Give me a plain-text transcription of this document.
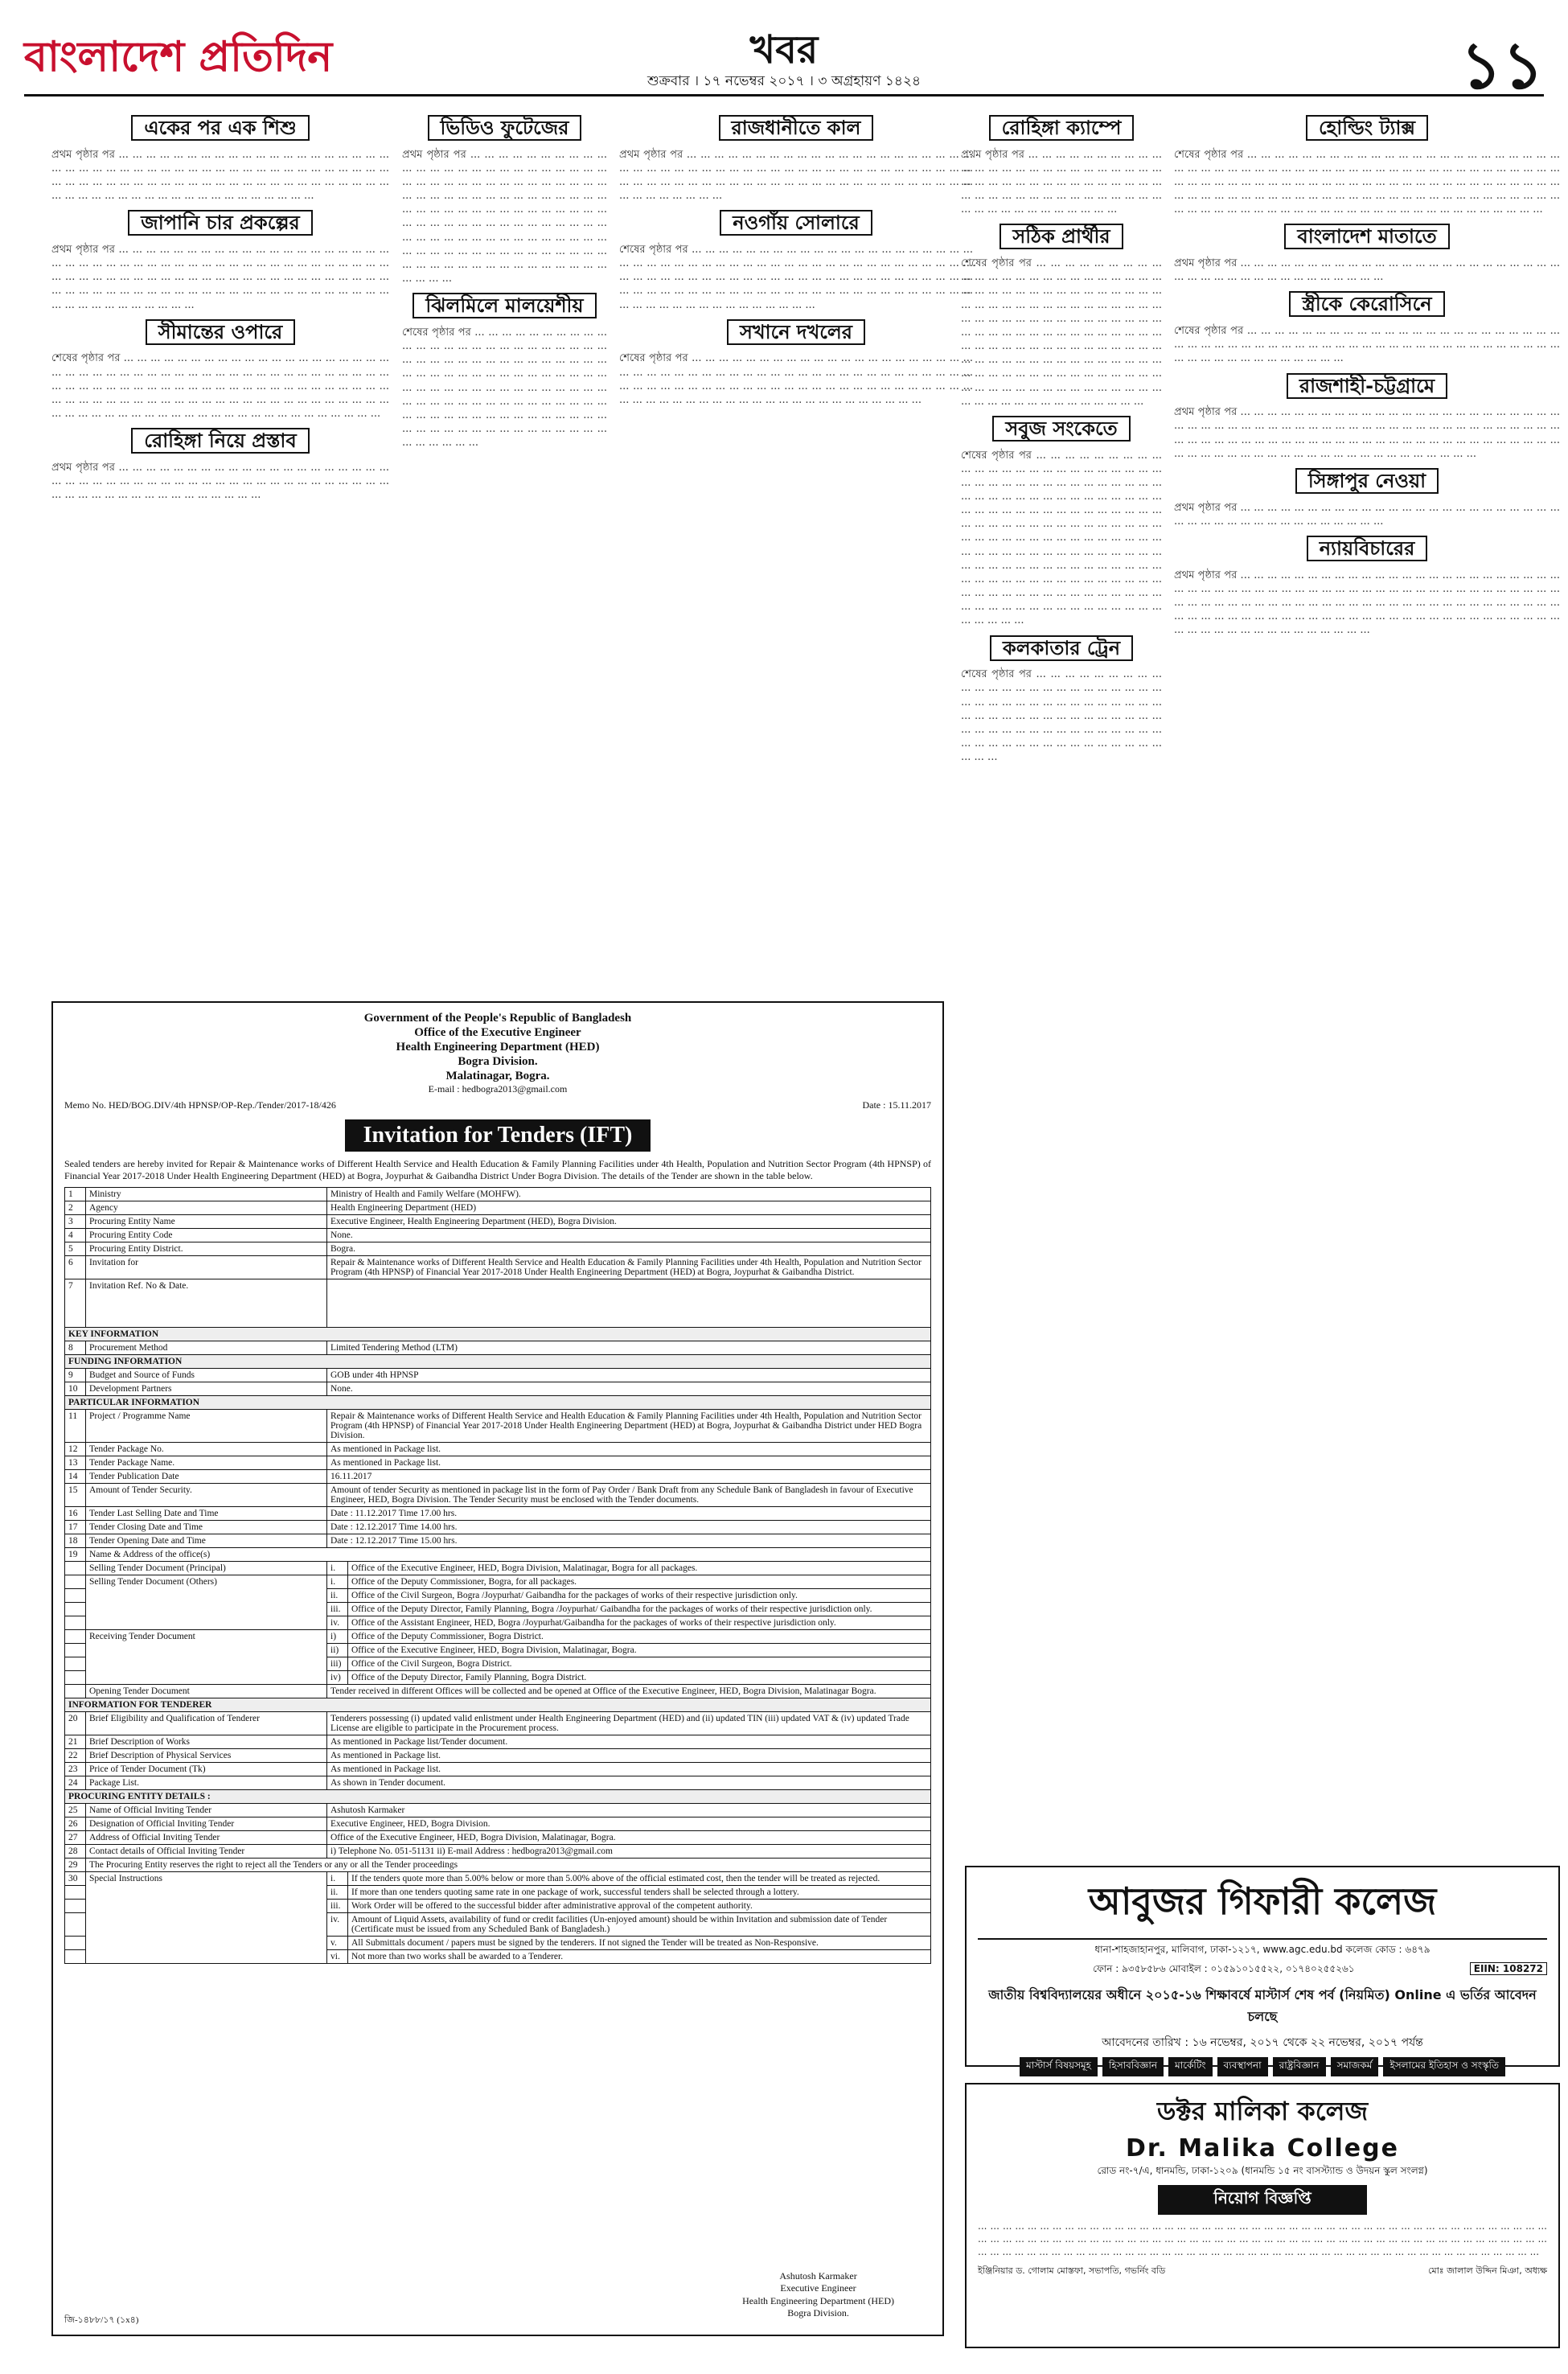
বাংলাদেশ প্রতিদিন	খবর
শুক্রবার । ১৭ নভেম্বর ২০১৭ । ৩ অগ্রহায়ণ ১৪২৪	১১
একের পর এক শিশু

প্রথম পৃষ্ঠার পর ... ... ... ... ... ... ... ... ... ... ... ... ... ... ... ... ... ... ... ... ... ... ... ... ... ... ... ... ... ... ... ... ... ... ... ... ... ... ... ... ... ... ... ... ... ... ... ... ... ... ... ... ... ... ... ... ... ... ... ... ... ... ... ... ... ... ... ... ... ... ... ... ... ... ... ... ... ... ... ... ... ... ... ... ... ... ... ... ... ...

জাপানি চার প্রকল্পের

প্রথম পৃষ্ঠার পর ... ... ... ... ... ... ... ... ... ... ... ... ... ... ... ... ... ... ... ... ... ... ... ... ... ... ... ... ... ... ... ... ... ... ... ... ... ... ... ... ... ... ... ... ... ... ... ... ... ... ... ... ... ... ... ... ... ... ... ... ... ... ... ... ... ... ... ... ... ... ... ... ... ... ... ... ... ... ... ... ... ... ... ... ... ... ... ... ... ... ... ... ... ... ... ... ... ... ... ... ... ... ... ... ... ...

সীমান্তের ওপারে

শেষের পৃষ্ঠার পর ... ... ... ... ... ... ... ... ... ... ... ... ... ... ... ... ... ... ... ... ... ... ... ... ... ... ... ... ... ... ... ... ... ... ... ... ... ... ... ... ... ... ... ... ... ... ... ... ... ... ... ... ... ... ... ... ... ... ... ... ... ... ... ... ... ... ... ... ... ... ... ... ... ... ... ... ... ... ... ... ... ... ... ... ... ... ... ... ... ... ... ... ... ... ... ... ... ... ... ... ... ... ... ... ... ... ... ... ... ... ... ... ... ... ... ... ... ... ... ...

রোহিঙ্গা নিয়ে প্রস্তাব

প্রথম পৃষ্ঠার পর ... ... ... ... ... ... ... ... ... ... ... ... ... ... ... ... ... ... ... ... ... ... ... ... ... ... ... ... ... ... ... ... ... ... ... ... ... ... ... ... ... ... ... ... ... ... ... ... ... ... ... ... ... ... ... ... ... ... ... ... ...

ভিডিও ফুটেজের

প্রথম পৃষ্ঠার পর ... ... ... ... ... ... ... ... ... ... ... ... ... ... ... ... ... ... ... ... ... ... ... ... ... ... ... ... ... ... ... ... ... ... ... ... ... ... ... ... ... ... ... ... ... ... ... ... ... ... ... ... ... ... ... ... ... ... ... ... ... ... ... ... ... ... ... ... ... ... ... ... ... ... ... ... ... ... ... ... ... ... ... ... ... ... ... ... ... ... ... ... ... ... ... ... ... ... ... ... ... ... ... ... ... ... ... ... ... ... ... ... ... ... ... ... ... ... ... ... ... ... ... ... ... ... ... ... ... ... ... ... ... ...

ঝিলমিলে মালয়েশীয়

শেষের পৃষ্ঠার পর ... ... ... ... ... ... ... ... ... ... ... ... ... ... ... ... ... ... ... ... ... ... ... ... ... ... ... ... ... ... ... ... ... ... ... ... ... ... ... ... ... ... ... ... ... ... ... ... ... ... ... ... ... ... ... ... ... ... ... ... ... ... ... ... ... ... ... ... ... ... ... ... ... ... ... ... ... ... ... ... ... ... ... ... ... ... ... ... ... ... ... ... ... ... ... ... ... ... ... ... ... ... ... ... ... ... ... ... ... ... ... ... ... ... ... ... ... ... ... ... ...

রাজধানীতে কাল

প্রথম পৃষ্ঠার পর ... ... ... ... ... ... ... ... ... ... ... ... ... ... ... ... ... ... ... ... ... ... ... ... ... ... ... ... ... ... ... ... ... ... ... ... ... ... ... ... ... ... ... ... ... ... ... ... ... ... ... ... ... ... ... ... ... ... ... ... ... ... ... ... ... ... ... ... ... ... ... ... ... ... ... ... ... ... ... ... ...

নওগাঁয় সোলারে

শেষের পৃষ্ঠার পর ... ... ... ... ... ... ... ... ... ... ... ... ... ... ... ... ... ... ... ... ... ... ... ... ... ... ... ... ... ... ... ... ... ... ... ... ... ... ... ... ... ... ... ... ... ... ... ... ... ... ... ... ... ... ... ... ... ... ... ... ... ... ... ... ... ... ... ... ... ... ... ... ... ... ... ... ... ... ... ... ... ... ... ... ... ... ... ... ... ... ... ... ... ... ... ... ... ... ... ... ... ... ... ... ... ... ... ... ... ... ... ... ... ...

সখানে দখলের

শেষের পৃষ্ঠার পর ... ... ... ... ... ... ... ... ... ... ... ... ... ... ... ... ... ... ... ... ... ... ... ... ... ... ... ... ... ... ... ... ... ... ... ... ... ... ... ... ... ... ... ... ... ... ... ... ... ... ... ... ... ... ... ... ... ... ... ... ... ... ... ... ... ... ... ... ... ... ... ... ... ... ... ... ... ... ... ... ... ... ... ... ... ... ... ... ... ... ... ... ... ... ... ...

রোহিঙ্গা ক্যাম্পে

প্রথম পৃষ্ঠার পর ... ... ... ... ... ... ... ... ... ... ... ... ... ... ... ... ... ... ... ... ... ... ... ... ... ... ... ... ... ... ... ... ... ... ... ... ... ... ... ... ... ... ... ... ... ... ... ... ... ... ... ... ... ... ... ... ... ... ... ... ... ... ... ... ... ... ...

সঠিক প্রার্থীর

শেষের পৃষ্ঠার পর ... ... ... ... ... ... ... ... ... ... ... ... ... ... ... ... ... ... ... ... ... ... ... ... ... ... ... ... ... ... ... ... ... ... ... ... ... ... ... ... ... ... ... ... ... ... ... ... ... ... ... ... ... ... ... ... ... ... ... ... ... ... ... ... ... ... ... ... ... ... ... ... ... ... ... ... ... ... ... ... ... ... ... ... ... ... ... ... ... ... ... ... ... ... ... ... ... ... ... ... ... ... ... ... ... ... ... ... ... ... ... ... ... ... ... ... ... ... ... ... ... ... ... ... ... ... ... ... ... ... ... ... ... ... ... ... ... ... ... ... ... ... ... ... ... ... ... ... ... ... ... ... ... ... ... ... ... ...

সবুজ সংকেতে

শেষের পৃষ্ঠার পর ... ... ... ... ... ... ... ... ... ... ... ... ... ... ... ... ... ... ... ... ... ... ... ... ... ... ... ... ... ... ... ... ... ... ... ... ... ... ... ... ... ... ... ... ... ... ... ... ... ... ... ... ... ... ... ... ... ... ... ... ... ... ... ... ... ... ... ... ... ... ... ... ... ... ... ... ... ... ... ... ... ... ... ... ... ... ... ... ... ... ... ... ... ... ... ... ... ... ... ... ... ... ... ... ... ... ... ... ... ... ... ... ... ... ... ... ... ... ... ... ... ... ... ... ... ... ... ... ... ... ... ... ... ... ... ... ... ... ... ... ... ... ... ... ... ... ... ... ... ... ... ... ... ... ... ... ... ... ... ... ... ... ... ... ... ... ... ... ... ... ... ... ... ... ... ... ... ... ...

কলকাতার ট্রেন

শেষের পৃষ্ঠার পর ... ... ... ... ... ... ... ... ... ... ... ... ... ... ... ... ... ... ... ... ... ... ... ... ... ... ... ... ... ... ... ... ... ... ... ... ... ... ... ... ... ... ... ... ... ... ... ... ... ... ... ... ... ... ... ... ... ... ... ... ... ... ... ... ... ... ... ... ... ... ... ... ... ... ... ... ... ... ... ... ... ... ... ... ... ... ...

হোল্ডিং ট্যাক্স

শেষের পৃষ্ঠার পর ... ... ... ... ... ... ... ... ... ... ... ... ... ... ... ... ... ... ... ... ... ... ... ... ... ... ... ... ... ... ... ... ... ... ... ... ... ... ... ... ... ... ... ... ... ... ... ... ... ... ... ... ... ... ... ... ... ... ... ... ... ... ... ... ... ... ... ... ... ... ... ... ... ... ... ... ... ... ... ... ... ... ... ... ... ... ... ... ... ... ... ... ... ... ... ... ... ... ... ... ... ... ... ... ... ... ... ... ... ... ... ... ... ... ... ... ... ... ... ... ... ... ... ... ... ... ... ... ... ... ... ... ... ... ... ... ... ...

বাংলাদেশ মাতাতে

প্রথম পৃষ্ঠার পর ... ... ... ... ... ... ... ... ... ... ... ... ... ... ... ... ... ... ... ... ... ... ... ... ... ... ... ... ... ... ... ... ... ... ... ... ... ... ... ...

স্ত্রীকে কেরোসিনে

শেষের পৃষ্ঠার পর ... ... ... ... ... ... ... ... ... ... ... ... ... ... ... ... ... ... ... ... ... ... ... ... ... ... ... ... ... ... ... ... ... ... ... ... ... ... ... ... ... ... ... ... ... ... ... ... ... ... ... ... ... ... ... ... ... ... ... ... ... ... ... ... ...

রাজশাহী-চট্টগ্রামে

প্রথম পৃষ্ঠার পর ... ... ... ... ... ... ... ... ... ... ... ... ... ... ... ... ... ... ... ... ... ... ... ... ... ... ... ... ... ... ... ... ... ... ... ... ... ... ... ... ... ... ... ... ... ... ... ... ... ... ... ... ... ... ... ... ... ... ... ... ... ... ... ... ... ... ... ... ... ... ... ... ... ... ... ... ... ... ... ... ... ... ... ... ... ... ... ... ... ... ... ... ... ... ... ... ... ... ... ... ... ... ... ... ...

সিঙ্গাপুর নেওয়া

প্রথম পৃষ্ঠার পর ... ... ... ... ... ... ... ... ... ... ... ... ... ... ... ... ... ... ... ... ... ... ... ... ... ... ... ... ... ... ... ... ... ... ... ... ... ... ... ...

ন্যায়বিচারের

প্রথম পৃষ্ঠার পর ... ... ... ... ... ... ... ... ... ... ... ... ... ... ... ... ... ... ... ... ... ... ... ... ... ... ... ... ... ... ... ... ... ... ... ... ... ... ... ... ... ... ... ... ... ... ... ... ... ... ... ... ... ... ... ... ... ... ... ... ... ... ... ... ... ... ... ... ... ... ... ... ... ... ... ... ... ... ... ... ... ... ... ... ... ... ... ... ... ... ... ... ... ... ... ... ... ... ... ... ... ... ... ... ... ... ... ... ... ... ... ... ... ... ... ... ... ... ... ... ... ... ... ... ... ...

Government of the People's Republic of Bangladesh
Office of the Executive Engineer
Health Engineering Department (HED)
Bogra Division.
Malatinagar, Bogra.
E-mail : hedbogra2013@gmail.com
Memo No. HED/BOG.DIV/4th HPNSP/OP-Rep./Tender/2017-18/426	Date : 15.11.2017
Invitation for Tenders (IFT)
Sealed tenders are hereby invited for Repair & Maintenance works of Different Health Service and Health Education & Family Planning Facilities under 4th Health, Population and Nutrition Sector Program (4th HPNSP) of Financial Year 2017-2018 Under Health Engineering Department (HED) at Bogra, Joypurhat & Gaibandha District Under Bogra Division. The details of the Tender are shown in the table below.
1	Ministry	Ministry of Health and Family Welfare (MOHFW).	
2	Agency	Health Engineering Department (HED)	
3	Procuring Entity Name	Executive Engineer, Health Engineering Department (HED), Bogra Division.	
4	Procuring Entity Code	None.	
5	Procuring Entity District.	Bogra.	
6	Invitation for	Repair & Maintenance works of Different Health Service and Health Education & Family Planning Facilities under 4th Health, Population and Nutrition Sector Program (4th HPNSP) of Financial Year 2017-2018 Under Health Engineering Department (HED) at Bogra, Joypurhat & Gaibandha District.	
7	Invitation Ref. No & Date.		
KEY INFORMATION			
8	Procurement Method	Limited Tendering Method (LTM)	
FUNDING INFORMATION			
9	Budget and Source of Funds	GOB under 4th HPNSP	
10	Development Partners	None.	
PARTICULAR INFORMATION			
11	Project / Programme Name	Repair & Maintenance works of Different Health Service and Health Education & Family Planning Facilities under 4th Health, Population and Nutrition Sector Program (4th HPNSP) of Financial Year 2017-2018 Under Health Engineering Department (HED) at Bogra, Joypurhat & Gaibandha District under HED Bogra Division.	
12	Tender Package No.	As mentioned in Package list.	
13	Tender Package Name.	As mentioned in Package list.	
14	Tender Publication Date	16.11.2017	
15	Amount of Tender Security.	Amount of tender Security as mentioned in package list in the form of Pay Order / Bank Draft from any Schedule Bank of Bangladesh in favour of Executive Engineer, HED, Bogra Division. The Tender Security must be enclosed with the Tender documents.	
16	Tender Last Selling Date and Time	Date : 11.12.2017 Time 17.00 hrs.	
17	Tender Closing Date and Time	Date : 12.12.2017 Time 14.00 hrs.	
18	Tender Opening Date and Time	Date : 12.12.2017 Time 15.00 hrs.	
19	Name & Address of the office(s)		
	Selling Tender Document (Principal)	i.	Office of the Executive Engineer, HED, Bogra Division, Malatinagar, Bogra for all packages.
	Selling Tender Document (Others)	i.	Office of the Deputy Commissioner, Bogra, for all packages.
		ii.	Office of the Civil Surgeon, Bogra /Joypurhat/ Gaibandha for the packages of works of their respective jurisdiction only.
		iii.	Office of the Deputy Director, Family Planning, Bogra /Joypurhat/ Gaibandha for the packages of works of their respective jurisdiction only.
		iv.	Office of the Assistant Engineer, HED, Bogra /Joypurhat/Gaibandha for the packages of works of their respective jurisdiction only.
	Receiving Tender Document	i)	Office of the Deputy Commissioner, Bogra District.
		ii)	Office of the Executive Engineer, HED, Bogra Division, Malatinagar, Bogra.
		iii)	Office of the Civil Surgeon, Bogra District.
		iv)	Office of the Deputy Director, Family Planning, Bogra District.
	Opening Tender Document	Tender received in different Offices will be collected and be opened at Office of the Executive Engineer, HED, Bogra Division, Malatinagar Bogra.	
INFORMATION FOR TENDERER			
20	Brief Eligibility and Qualification of Tenderer	Tenderers possessing (i) updated valid enlistment under Health Engineering Department (HED) and (ii) updated TIN (iii) updated VAT & (iv) updated Trade License are eligible to participate in the Procurement process.	
21	Brief Description of Works	As mentioned in Package list/Tender document.	
22	Brief Description of Physical Services	As mentioned in Package list.	
23	Price of Tender Document (Tk)	As mentioned in Package list.	
24	Package List.	As shown in Tender document.	
PROCURING ENTITY DETAILS :			
25	Name of Official Inviting Tender	Ashutosh Karmaker	
26	Designation of Official Inviting Tender	Executive Engineer, HED, Bogra Division.	
27	Address of Official Inviting Tender	Office of the Executive Engineer, HED, Bogra Division, Malatinagar, Bogra.	
28	Contact details of Official Inviting Tender	i) Telephone No. 051-51131 ii) E-mail Address : hedbogra2013@gmail.com	
29	The Procuring Entity reserves the right to reject all the Tenders or any or all the Tender proceedings		
30	Special Instructions	i.	If the tenders quote more than 5.00% below or more than 5.00% above of the official estimated cost, then the tender will be treated as rejected.
		ii.	If more than one tenders quoting same rate in one package of work, successful tenders shall be selected through a lottery.
		iii.	Work Order will be offered to the successful bidder after administrative approval of the competent authority.
		iv.	Amount of Liquid Assets, availability of fund or credit facilities (Un-enjoyed amount) should be within Invitation and submission date of Tender (Certificate must be issued from any Scheduled Bank of Bangladesh.)
		v.	All Submittals document / papers must be signed by the tenderers. If not signed the Tender will be treated as Non-Responsive.
		vi.	Not more than two works shall be awarded to a Tenderer.
Ashutosh Karmaker
Executive Engineer
Health Engineering Department (HED)
Bogra Division.
জি-১৪৮৮/১৭ (১x৪)
আবুজর গিফারী কলেজ
ধানা-শাহজাহানপুর, মালিবাগ, ঢাকা-১২১৭, www.agc.edu.bd কলেজ কোড : ৬৪৭৯
EIIN: 108272
ফোন : ৯৩৫৮৫৮৬ মোবাইল : ০১৫৯১০১৫৫২২, ০১৭৪০২৫৫২৬১
জাতীয় বিশ্ববিদ্যালয়ের অধীনে ২০১৫-১৬ শিক্ষাবর্ষে মাস্টার্স শেষ পর্ব (নিয়মিত) Online এ ভর্তির আবেদন চলছে
আবেদনের তারিখ : ১৬ নভেম্বর, ২০১৭ থেকে ২২ নভেম্বর, ২০১৭ পর্যন্ত
মাস্টার্স বিষয়সমূহ	হিসাববিজ্ঞান	মার্কেটিং	ব্যবস্থাপনা	রাষ্ট্রবিজ্ঞান	সমাজকর্ম	ইসলামের ইতিহাস ও সংস্কৃতি
ডক্টর মালিকা কলেজ
Dr. Malika College
রোড নং-৭/এ, ধানমন্ডি, ঢাকা-১২০৯ (ধানমন্ডি ১৫ নং বাসস্ট্যান্ড ও উদয়ন স্কুল সংলগ্ন)
নিয়োগ বিজ্ঞপ্তি
... ... ... ... ... ... ... ... ... ... ... ... ... ... ... ... ... ... ... ... ... ... ... ... ... ... ... ... ... ... ... ... ... ... ... ... ... ... ... ... ... ... ... ... ... ... ... ... ... ... ... ... ... ... ... ... ... ... ... ... ... ... ... ... ... ... ... ... ... ... ... ... ... ... ... ... ... ... ... ... ... ... ... ... ... ... ... ... ... ... ... ... ... ... ... ... ... ... ... ... ... ... ... ... ... ... ... ... ... ... ... ... ... ... ... ... ... ... ... ... ... ... ... ... ... ... ... ... ... ... ... ... ... ... ... ... ... ...
ইঞ্জিনিয়ার ড. গোলাম মোস্তফা, সভাপতি, গভর্নিং বডি	মোঃ জালাল উদ্দিন মিঞা, অধ্যক্ষ
